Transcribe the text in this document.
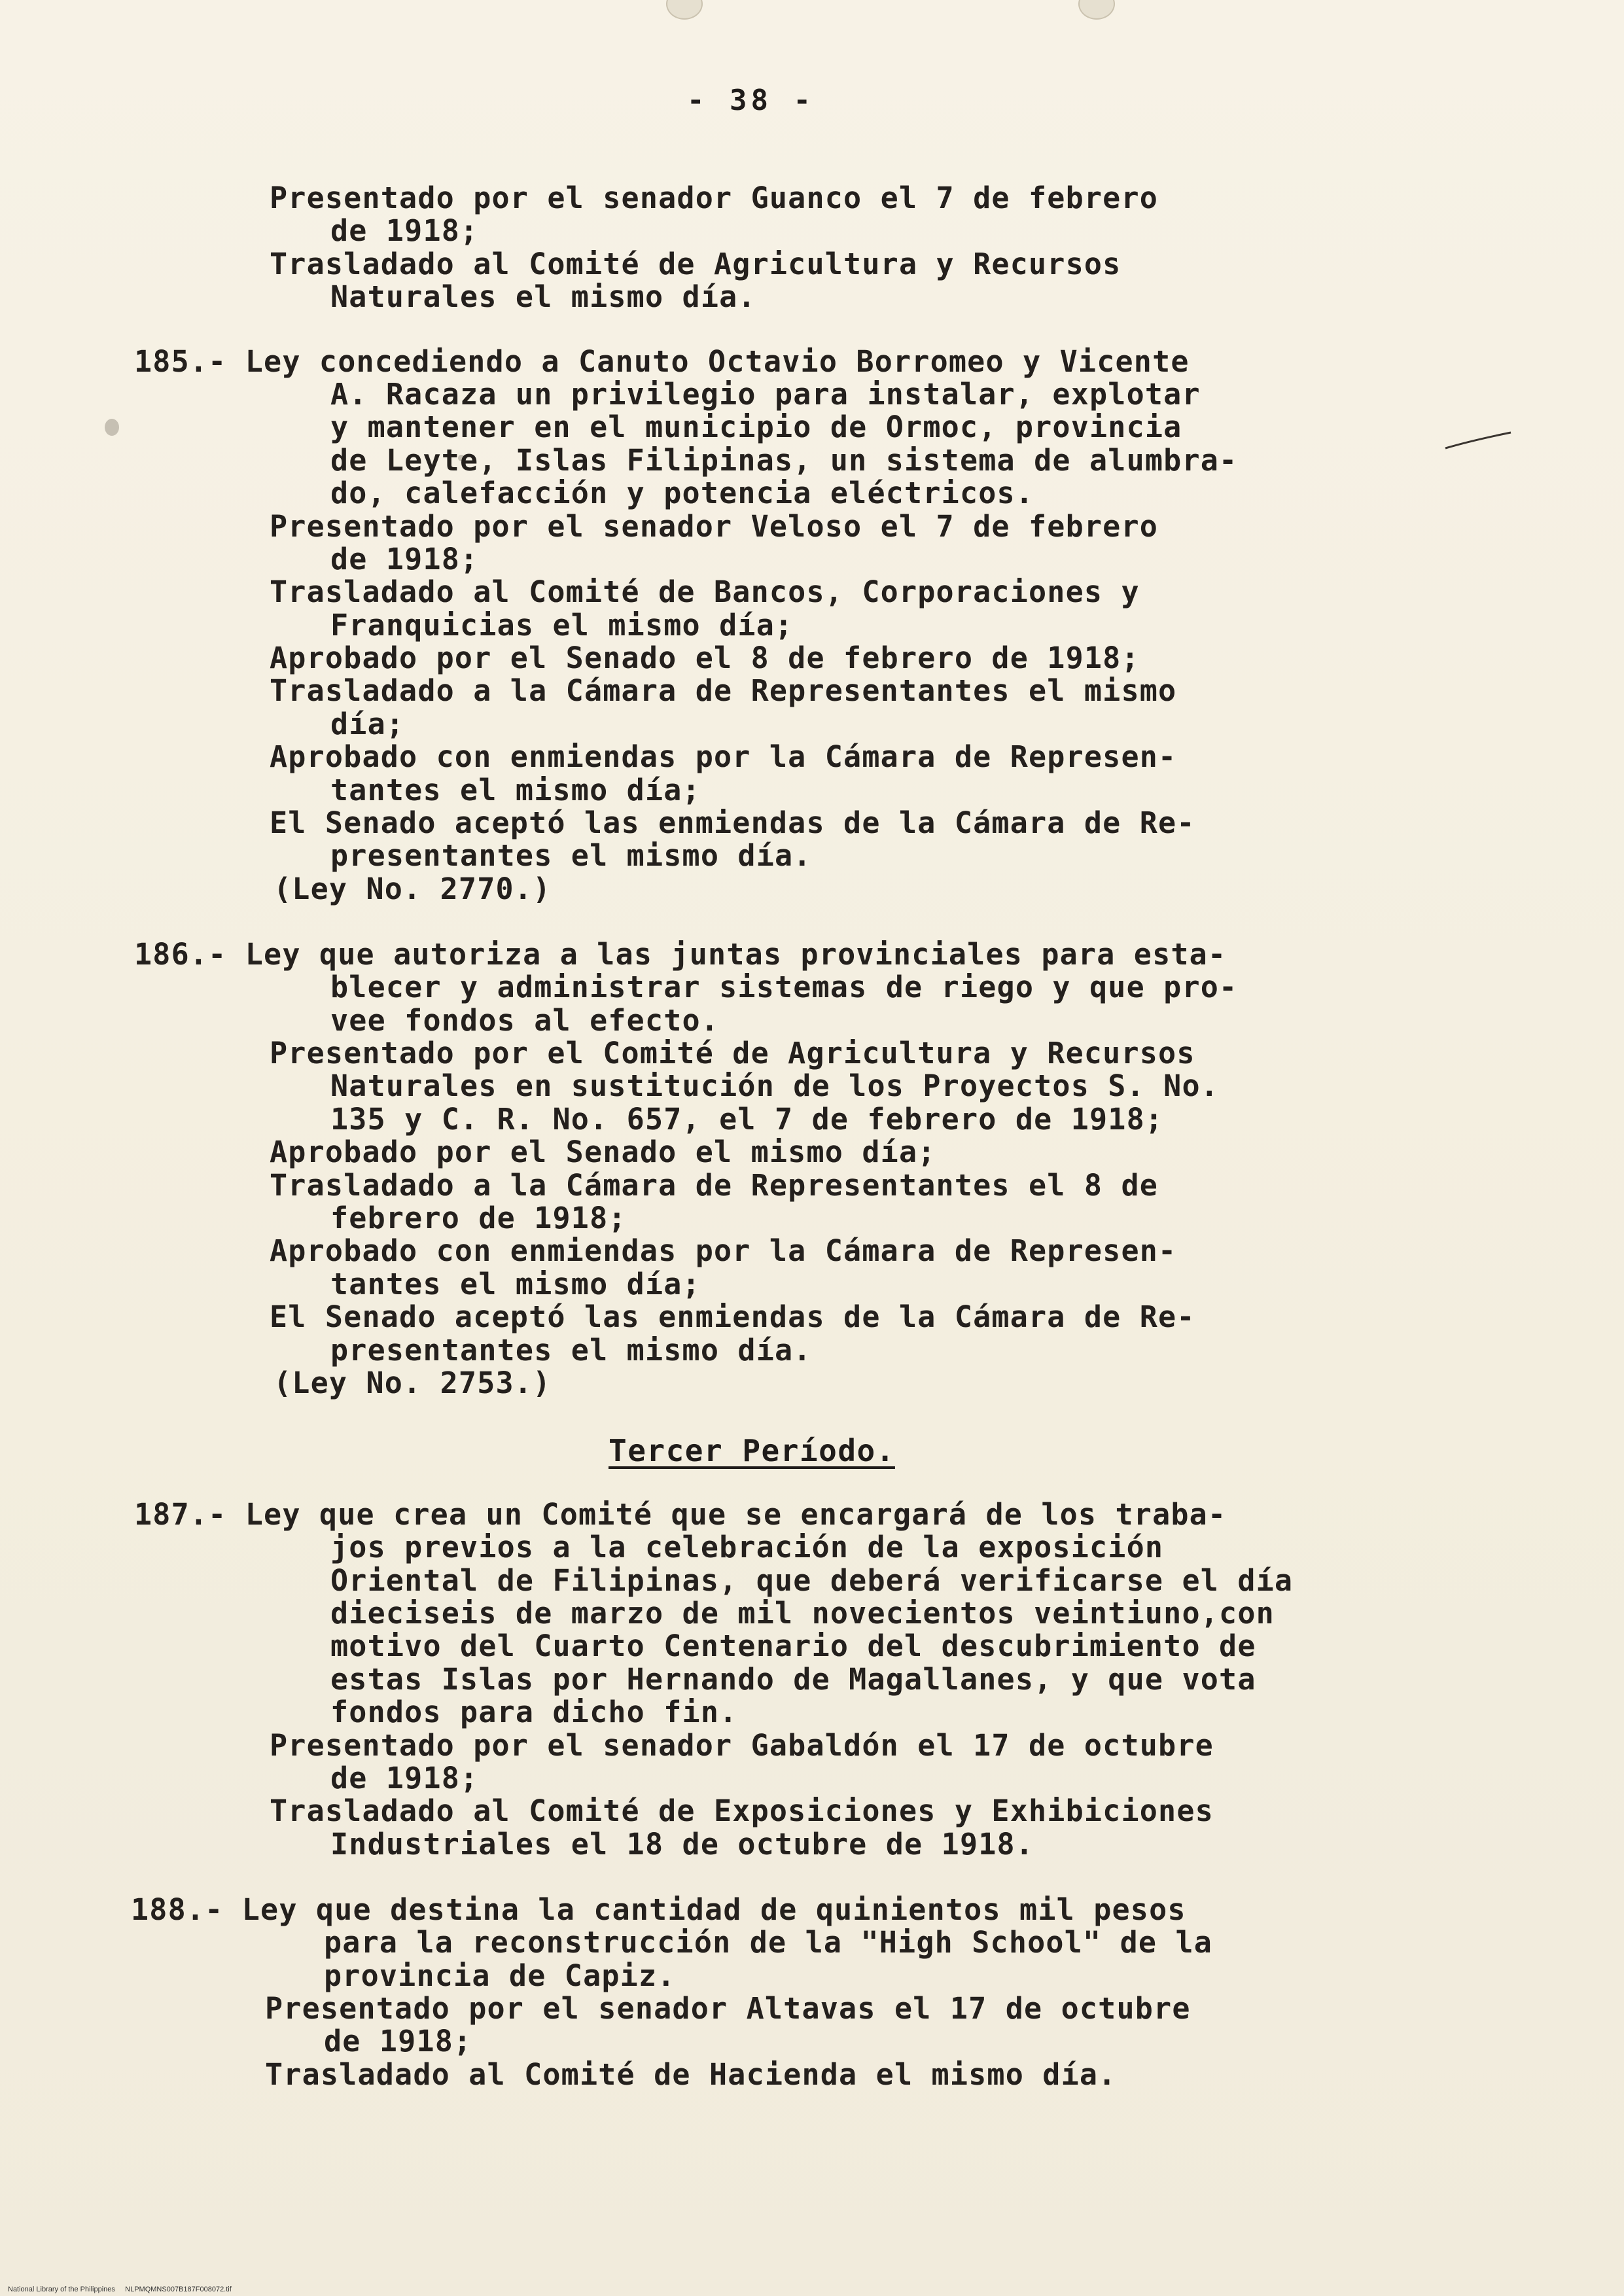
- 38 -
Presentado por el senador Guanco el 7 de febrero
de 1918;
Trasladado al Comité de Agricultura y Recursos
Naturales el mismo día.
185.- Ley concediendo a Canuto Octavio Borromeo y Vicente
A. Racaza un privilegio para instalar, explotar
y mantener en el municipio de Ormoc, provincia
de Leyte, Islas Filipinas, un sistema de alumbra-
do, calefacción y potencia eléctricos.
Presentado por el senador Veloso el 7 de febrero
de 1918;
Trasladado al Comité de Bancos, Corporaciones y
Franquicias el mismo día;
Aprobado por el Senado el 8 de febrero de 1918;
Trasladado a la Cámara de Representantes el mismo
día;
Aprobado con enmiendas por la Cámara de Represen-
tantes el mismo día;
El Senado aceptó las enmiendas de la Cámara de Re-
presentantes el mismo día.
(Ley No. 2770.)
186.- Ley que autoriza a las juntas provinciales para esta-
blecer y administrar sistemas de riego y que pro-
vee fondos al efecto.
Presentado por el Comité de Agricultura y Recursos
Naturales en sustitución de los Proyectos S. No.
135 y C. R. No. 657, el 7 de febrero de 1918;
Aprobado por el Senado el mismo día;
Trasladado a la Cámara de Representantes el 8 de
febrero de 1918;
Aprobado con enmiendas por la Cámara de Represen-
tantes el mismo día;
El Senado aceptó las enmiendas de la Cámara de Re-
presentantes el mismo día.
(Ley No. 2753.)
Tercer Período.
187.- Ley que crea un Comité que se encargará de los traba-
jos previos a la celebración de la exposición
Oriental de Filipinas, que deberá verificarse el día
dieciseis de marzo de mil novecientos veintiuno,con
motivo del Cuarto Centenario del descubrimiento de
estas Islas por Hernando de Magallanes, y que vota
fondos para dicho fin.
Presentado por el senador Gabaldón el 17 de octubre
de 1918;
Trasladado al Comité de Exposiciones y Exhibiciones
Industriales el 18 de octubre de 1918.
188.- Ley que destina la cantidad de quinientos mil pesos
para la reconstrucción de la "High School" de la
provincia de Capiz.
Presentado por el senador Altavas el 17 de octubre
de 1918;
Trasladado al Comité de Hacienda el mismo día.
National Library of the Philippines     NLPMQMNS007B187F008072.tif
